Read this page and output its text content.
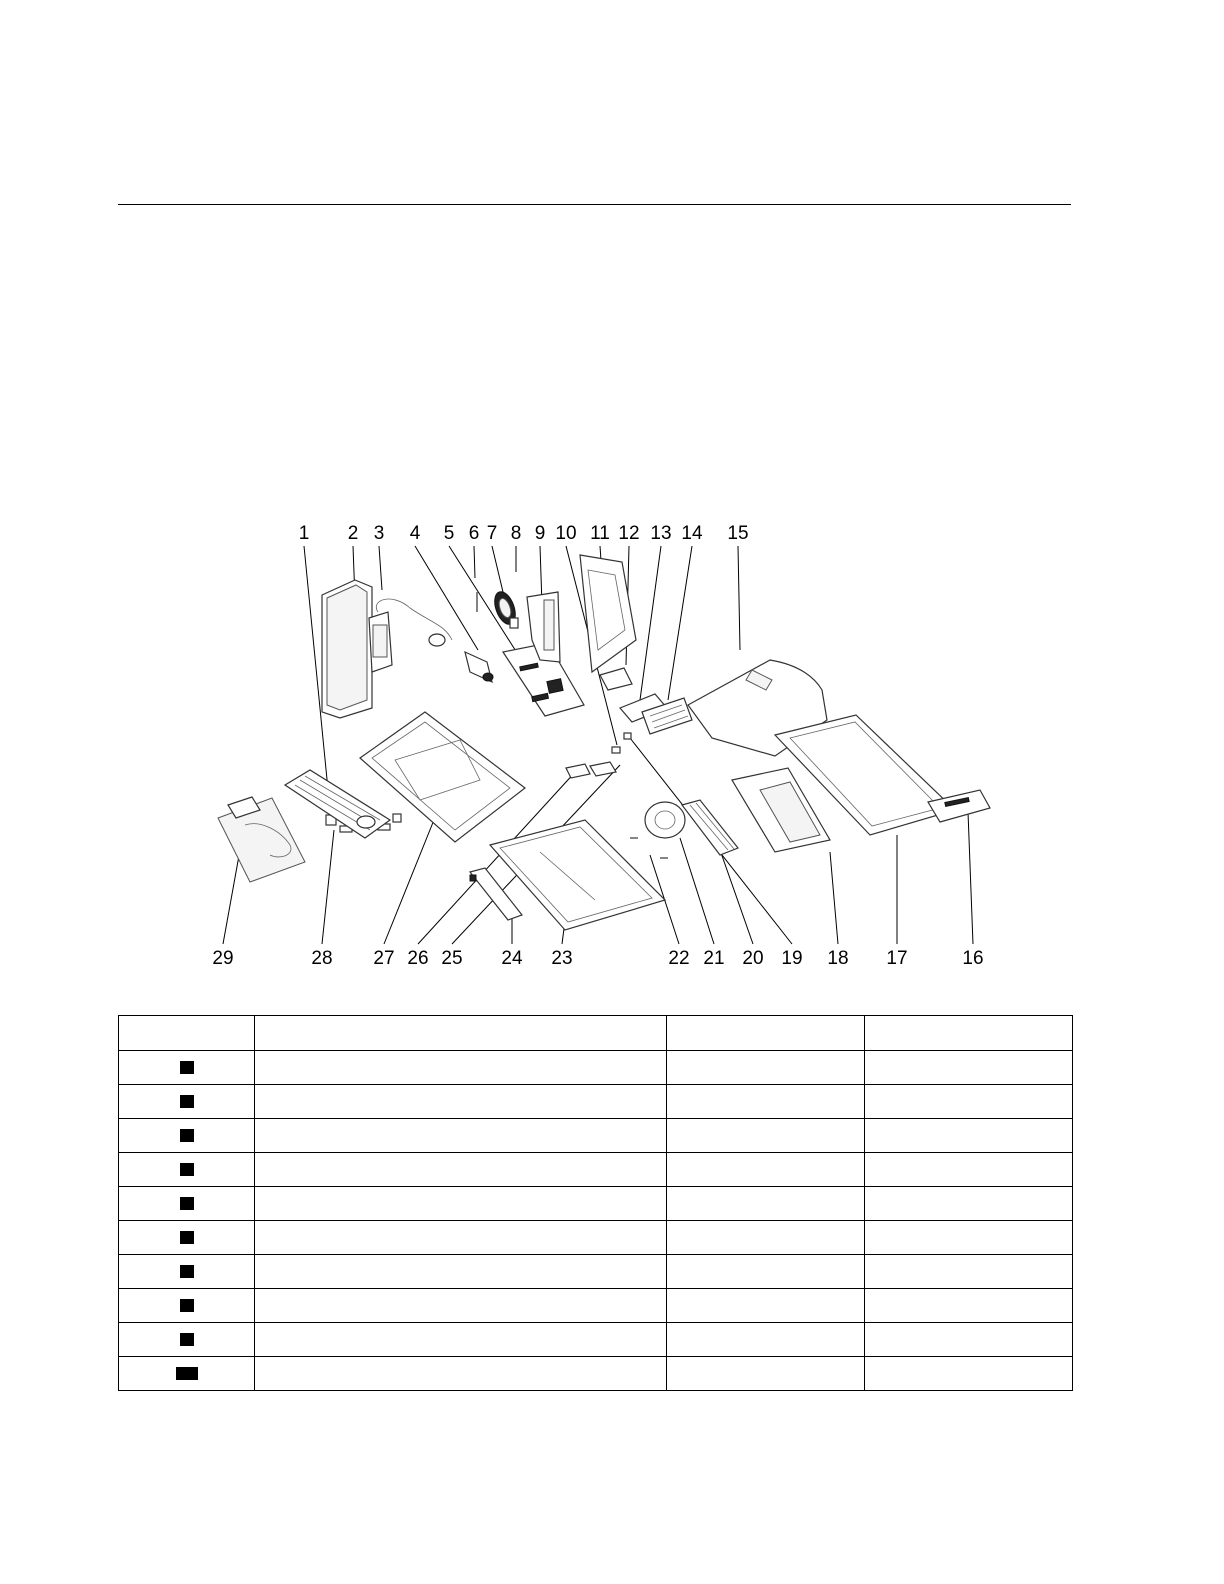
1 2 3 4 5 6 7 8 9 10 11 12 13 14 15
29	28 27 26 25 24 23	22 21 20 19 18 17	16

1			
2			
3			
4			
5			
6			
7			
8			
9			
10			
